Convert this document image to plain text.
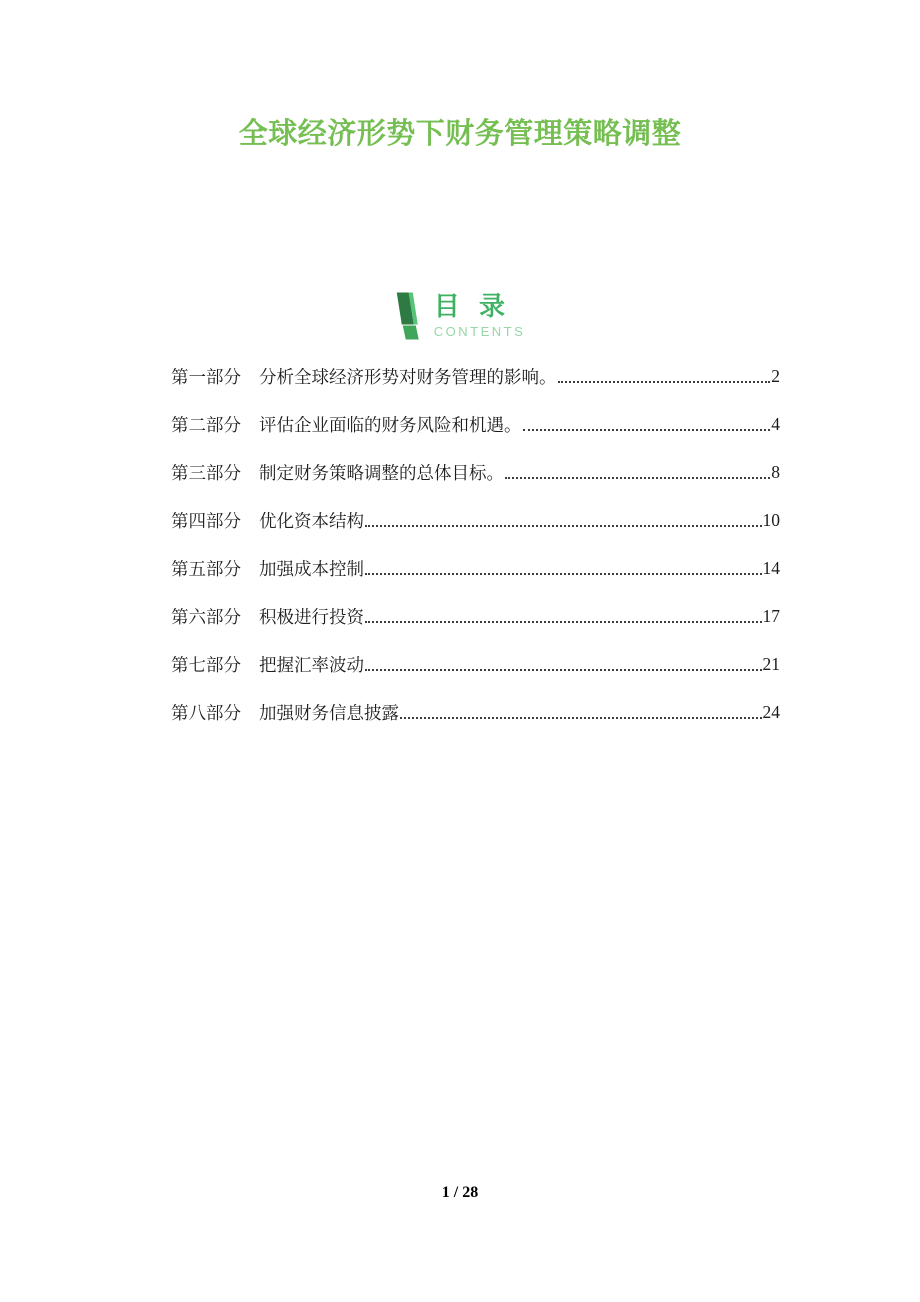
全球经济形势下财务管理策略调整
目 录
CONTENTS
第一部分 分析全球经济形势对财务管理的影响。	2
第二部分 评估企业面临的财务风险和机遇。	4
第三部分 制定财务策略调整的总体目标。	8
第四部分 优化资本结构	10
第五部分 加强成本控制	14
第六部分 积极进行投资	17
第七部分 把握汇率波动	21
第八部分 加强财务信息披露	24
1 / 28
